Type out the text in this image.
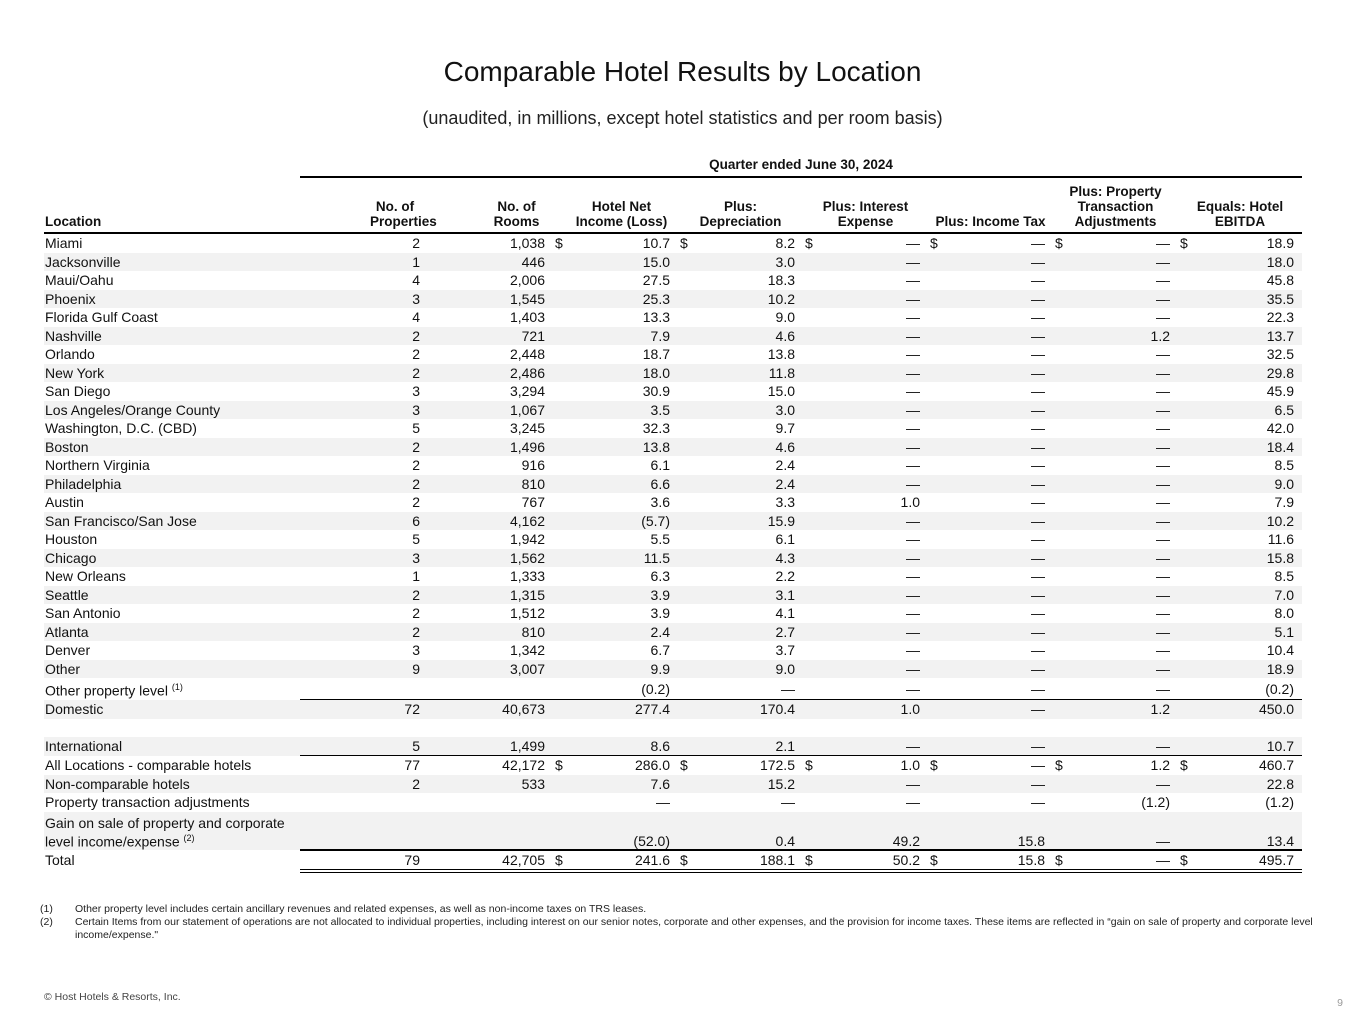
Comparable Hotel Results by Location
(unaudited, in millions, except hotel statistics and per room basis)
Quarter ended June 30, 2024
Location	No. of Properties	No. of Rooms	Hotel Net Income (Loss)		Plus: Depreciation		Plus: Interest Expense		Plus: Income Tax		Plus: Property Transaction Adjustments		Equals: Hotel EBITDA	
Miami	2	1,038	$	10.7	$	8.2	$	—	$	—	$	—	$	18.9
Jacksonville	1	446		15.0		3.0		—		—		—		18.0
Maui/Oahu	4	2,006		27.5		18.3		—		—		—		45.8
Phoenix	3	1,545		25.3		10.2		—		—		—		35.5
Florida Gulf Coast	4	1,403		13.3		9.0		—		—		—		22.3
Nashville	2	721		7.9		4.6		—		—		1.2		13.7
Orlando	2	2,448		18.7		13.8		—		—		—		32.5
New York	2	2,486		18.0		11.8		—		—		—		29.8
San Diego	3	3,294		30.9		15.0		—		—		—		45.9
Los Angeles/Orange County	3	1,067		3.5		3.0		—		—		—		6.5
Washington, D.C. (CBD)	5	3,245		32.3		9.7		—		—		—		42.0
Boston	2	1,496		13.8		4.6		—		—		—		18.4
Northern Virginia	2	916		6.1		2.4		—		—		—		8.5
Philadelphia	2	810		6.6		2.4		—		—		—		9.0
Austin	2	767		3.6		3.3		1.0		—		—		7.9
San Francisco/San Jose	6	4,162		(5.7)		15.9		—		—		—		10.2
Houston	5	1,942		5.5		6.1		—		—		—		11.6
Chicago	3	1,562		11.5		4.3		—		—		—		15.8
New Orleans	1	1,333		6.3		2.2		—		—		—		8.5
Seattle	2	1,315		3.9		3.1		—		—		—		7.0
San Antonio	2	1,512		3.9		4.1		—		—		—		8.0
Atlanta	2	810		2.4		2.7		—		—		—		5.1
Denver	3	1,342		6.7		3.7		—		—		—		10.4
Other	9	3,007		9.9		9.0		—		—		—		18.9
Other property level $^{(1)}$				(0.2)		—		—		—		—		(0.2)
Domestic	72	40,673		277.4		170.4		1.0		—		1.2		450.0

International	5	1,499		8.6		2.1		—		—		—		10.7
All Locations - comparable hotels	77	42,172	$	286.0	$	172.5	$	1.0	$	—	$	1.2	$	460.7
Non-comparable hotels	2	533		7.6		15.2		—		—		—		22.8
Property transaction adjustments				—		—		—		—		(1.2)		(1.2)
Gain on sale of property and corporate level income/expense $^{(2)}$				(52.0)		0.4		49.2		15.8		—		13.4
Total	79	42,705	$	241.6	$	188.1	$	50.2	$	15.8	$	—	$	495.7
(1) Other property level includes certain ancillary revenues and related expenses, as well as non-income taxes on TRS leases.
(2) Certain Items from our statement of operations are not allocated to individual properties, including interest on our senior notes, corporate and other expenses, and the provision for income taxes. These items are reflected in “gain on sale of property and corporate level income/expense."
© Host Hotels & Resorts, Inc.	9
